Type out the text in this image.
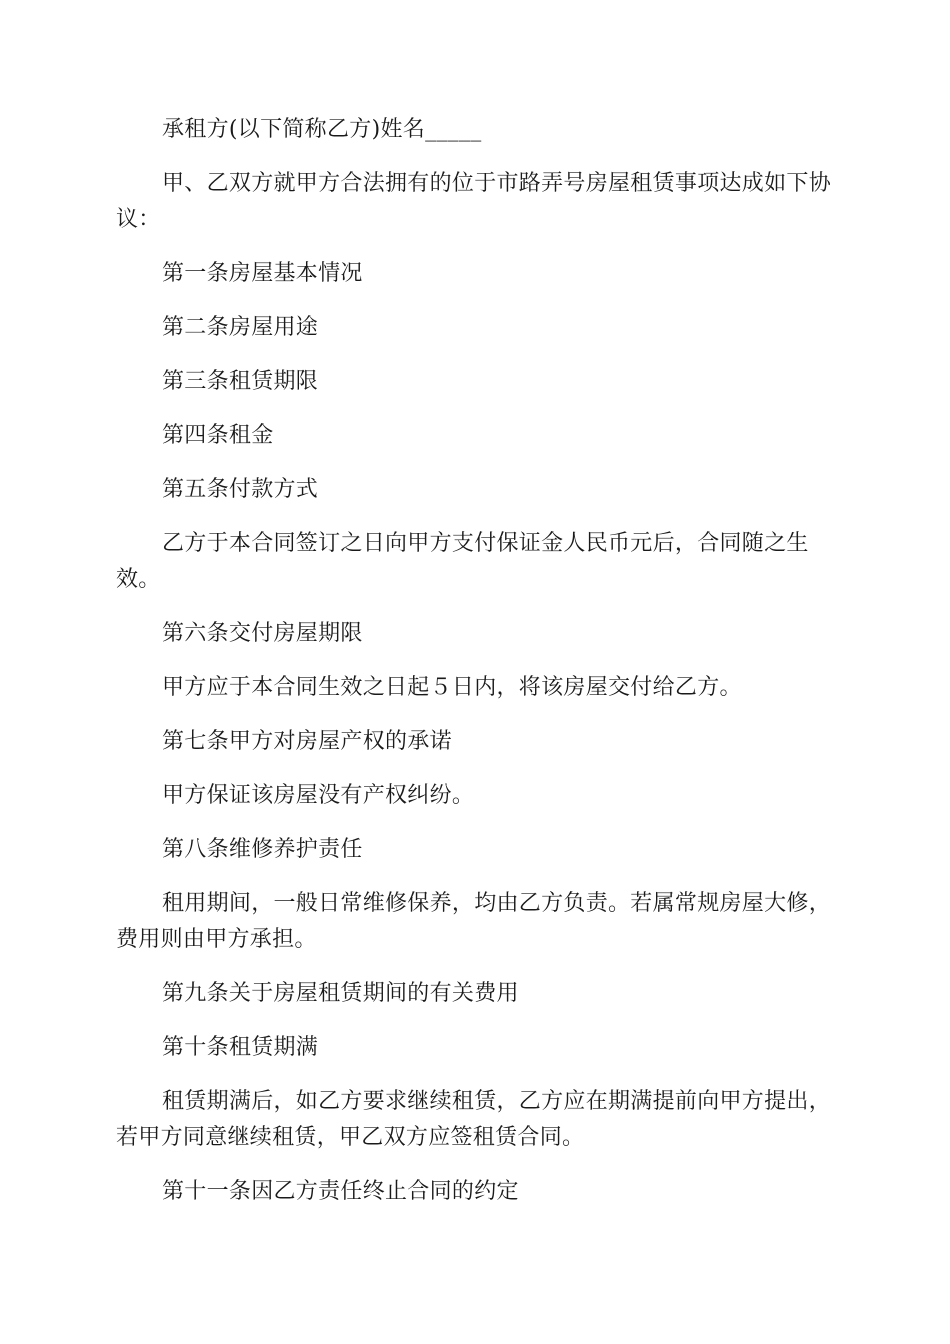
承租方(以下简称乙方)姓名_____

甲、乙双方就甲方合法拥有的位于市路弄号房屋租赁事项达成如下协议：

第一条房屋基本情况

第二条房屋用途

第三条租赁期限

第四条租金

第五条付款方式

乙方于本合同签订之日向甲方支付保证金人民币元后，合同随之生效。

第六条交付房屋期限

甲方应于本合同生效之日起５日内，将该房屋交付给乙方。

第七条甲方对房屋产权的承诺

甲方保证该房屋没有产权纠纷。

第八条维修养护责任

租用期间，一般日常维修保养，均由乙方负责。若属常规房屋大修，费用则由甲方承担。

第九条关于房屋租赁期间的有关费用

第十条租赁期满

租赁期满后，如乙方要求继续租赁，乙方应在期满提前向甲方提出，若甲方同意继续租赁，甲乙双方应签租赁合同。

第十一条因乙方责任终止合同的约定
